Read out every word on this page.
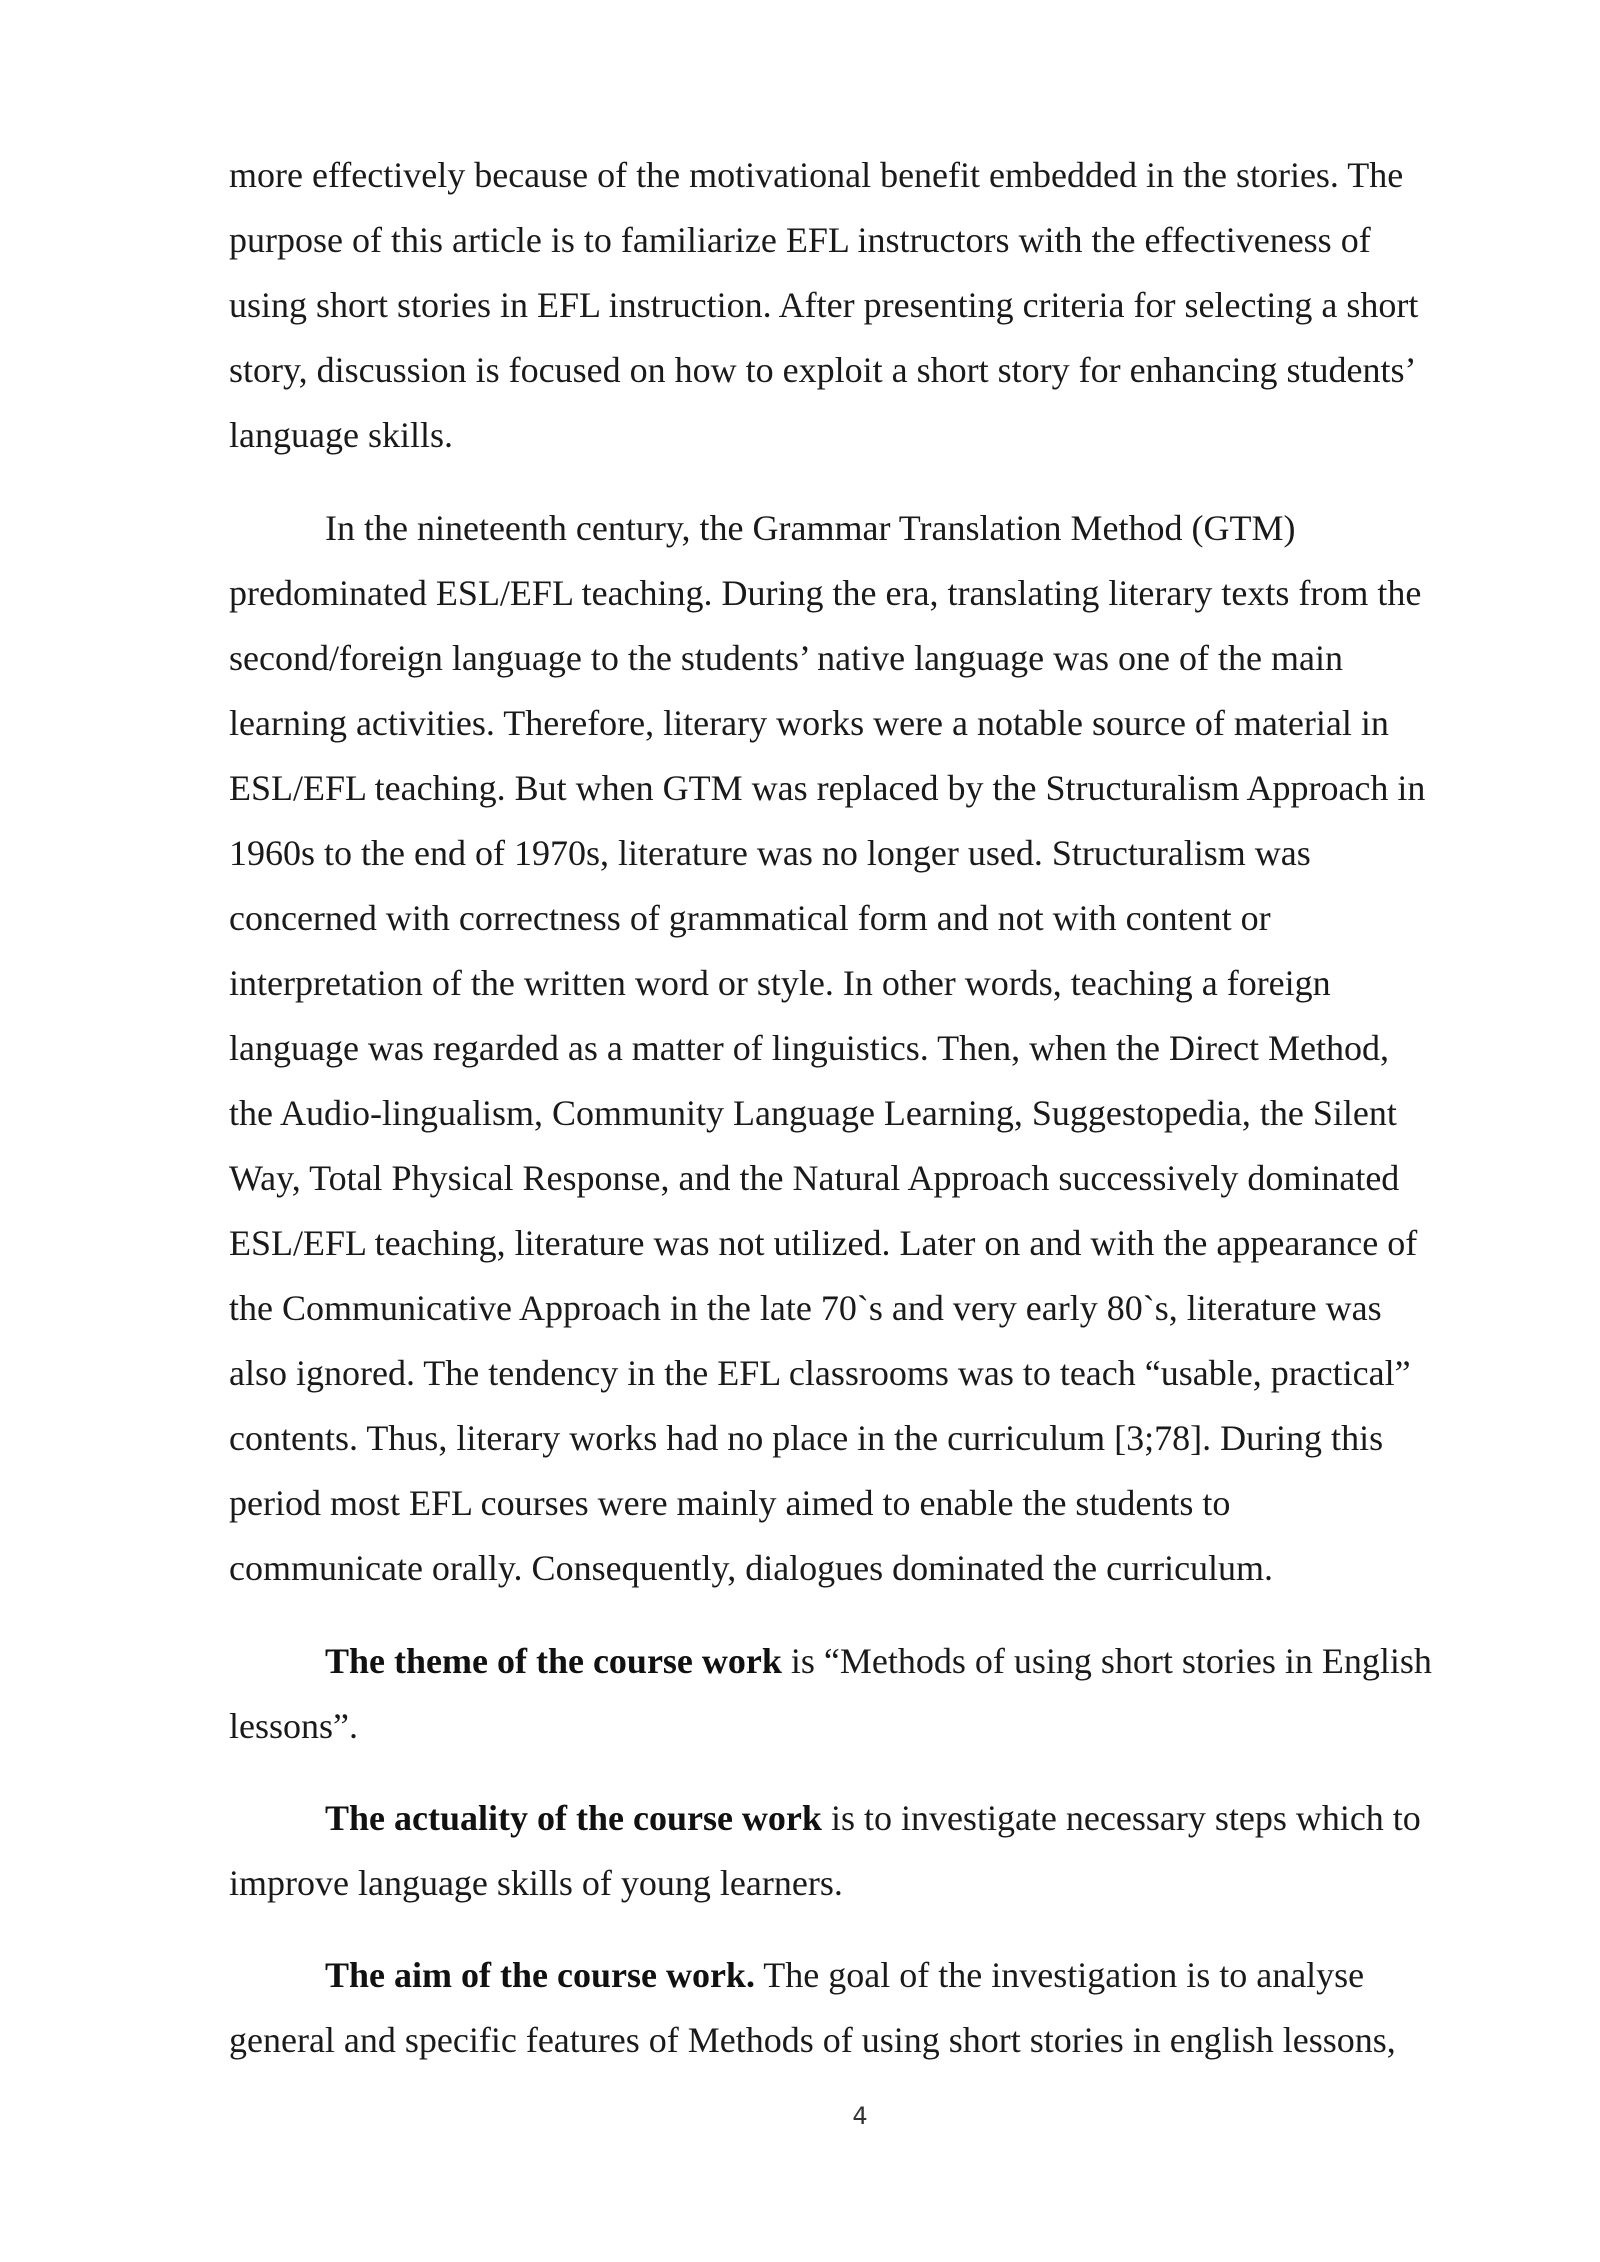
more effectively because of the motivational benefit embedded in the stories. The

purpose of this article is to familiarize EFL instructors with the effectiveness of

using short stories in EFL instruction. After presenting criteria for selecting a short

story, discussion is focused on how to exploit a short story for enhancing students’

language skills.

In the nineteenth century, the Grammar Translation Method (GTM)

predominated ESL/EFL teaching. During the era, translating literary texts from the

second/foreign language to the students’ native language was one of the main

learning activities. Therefore, literary works were a notable source of material in

ESL/EFL teaching. But when GTM was replaced by the Structuralism Approach in

1960s to the end of 1970s, literature was no longer used. Structuralism was

concerned with correctness of grammatical form and not with content or

interpretation of the written word or style. In other words, teaching a foreign

language was regarded as a matter of linguistics. Then, when the Direct Method,

the Audio-lingualism, Community Language Learning, Suggestopedia, the Silent

Way, Total Physical Response, and the Natural Approach successively dominated

ESL/EFL teaching, literature was not utilized. Later on and with the appearance of

the Communicative Approach in the late 70`s and very early 80`s, literature was

also ignored. The tendency in the EFL classrooms was to teach “usable, practical”

contents. Thus, literary works had no place in the curriculum [3;78]. During this

period most EFL courses were mainly aimed to enable the students to

communicate orally. Consequently, dialogues dominated the curriculum.

The theme of the course work is “Methods of using short stories in English

lessons”.

The actuality of the course work is to investigate necessary steps which to

improve language skills of young learners.

The aim of the course work. The goal of the investigation is to analyse

general and specific features of Methods of using short stories in english lessons,

4
